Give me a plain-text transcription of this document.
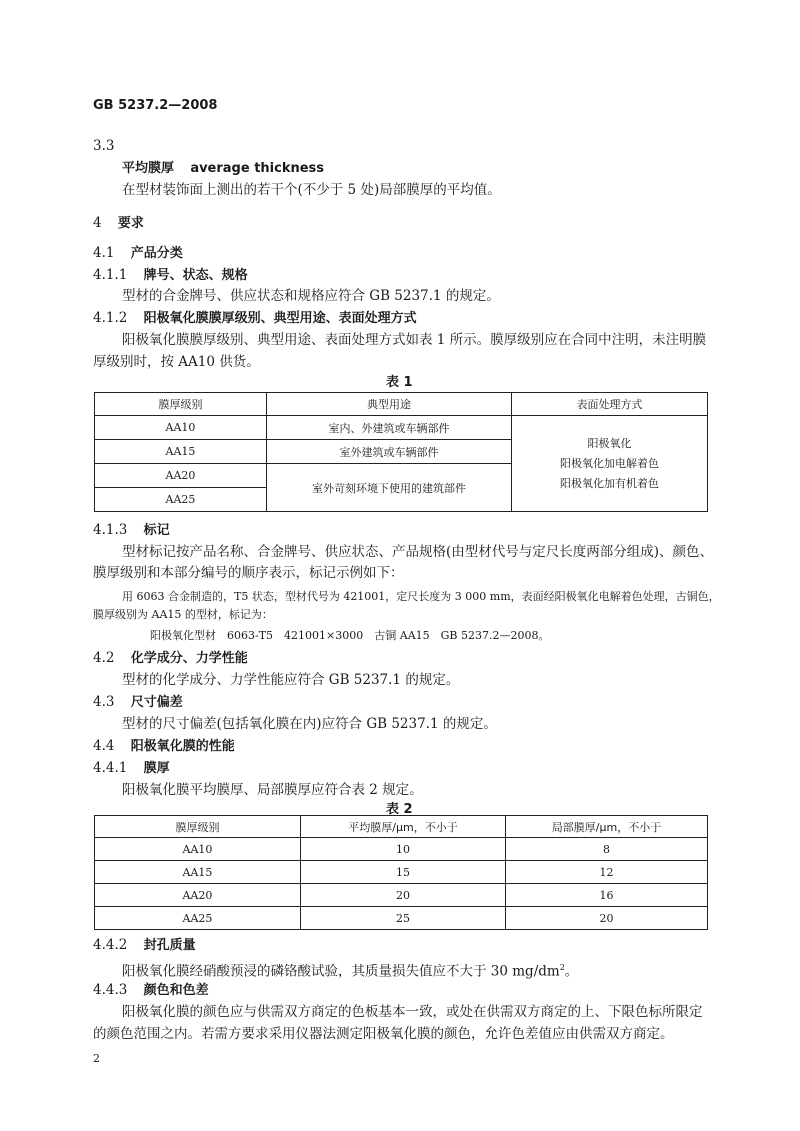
GB 5237.2—2008
3.3
平均膜厚 average thickness
在型材装饰面上测出的若干个(不少于 5 处)局部膜厚的平均值。
4 要求
4.1 产品分类
4.1.1 牌号、状态、规格
型材的合金牌号、供应状态和规格应符合 GB 5237.1 的规定。
4.1.2 阳极氧化膜膜厚级别、典型用途、表面处理方式
阳极氧化膜膜厚级别、典型用途、表面处理方式如表 1 所示。膜厚级别应在合同中注明，未注明膜
厚级别时，按 AA10 供货。
表 1
膜厚级别	典型用途	表面处理方式
AA10	室内、外建筑或车辆部件	阳极氧化
阳极氧化加电解着色
阳极氧化加有机着色

AA15	室外建筑或车辆部件	
AA20	室外苛刻环境下使用的建筑部件	
AA25		
4.1.3 标记
型材标记按产品名称、合金牌号、供应状态、产品规格(由型材代号与定尺长度两部分组成)、颜色、
膜厚级别和本部分编号的顺序表示，标记示例如下：
用 6063 合金制造的，T5 状态，型材代号为 421001，定尺长度为 3 000 mm，表面经阳极氧化电解着色处理，古铜色，
膜厚级别为 AA15 的型材，标记为：
阳极氧化型材　6063-T5　421001×3000　古铜 AA15　GB 5237.2—2008。
4.2 化学成分、力学性能
型材的化学成分、力学性能应符合 GB 5237.1 的规定。
4.3 尺寸偏差
型材的尺寸偏差(包括氧化膜在内)应符合 GB 5237.1 的规定。
4.4 阳极氧化膜的性能
4.4.1 膜厚
阳极氧化膜平均膜厚、局部膜厚应符合表 2 规定。
表 2
膜厚级别	平均膜厚/μm，不小于	局部膜厚/μm，不小于
AA10	10	8
AA15	15	12
AA20	20	16
AA25	25	20
4.4.2 封孔质量
阳极氧化膜经硝酸预浸的磷铬酸试验，其质量损失值应不大于 30 $mg/dm^2$。
4.4.3 颜色和色差
阳极氧化膜的颜色应与供需双方商定的色板基本一致，或处在供需双方商定的上、下限色标所限定
的颜色范围之内。若需方要求采用仪器法测定阳极氧化膜的颜色，允许色差值应由供需双方商定。
2
